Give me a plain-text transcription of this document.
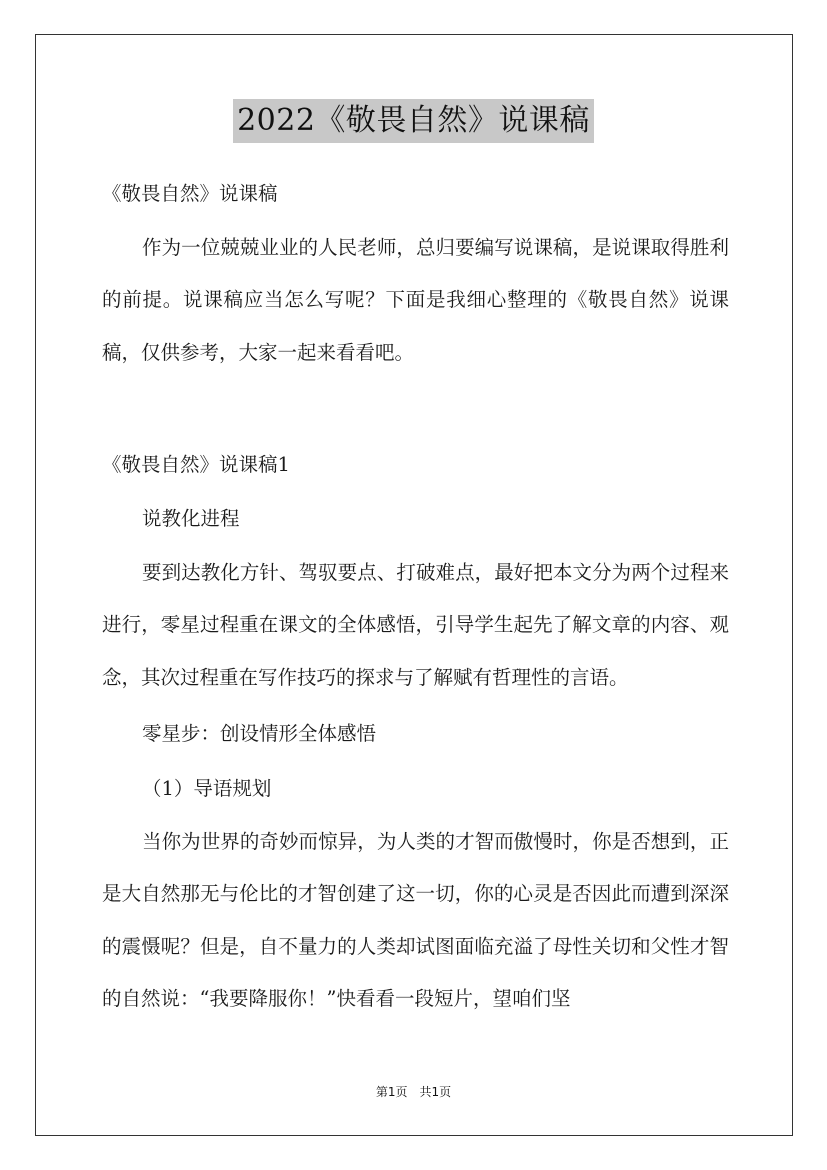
2022《敬畏自然》说课稿
《敬畏自然》说课稿
作为一位兢兢业业的人民老师，总归要编写说课稿，是说课取得胜利的前提。说课稿应当怎么写呢？下面是我细心整理的《敬畏自然》说课稿，仅供参考，大家一起来看看吧。
《敬畏自然》说课稿1
说教化进程
要到达教化方针、驾驭要点、打破难点，最好把本文分为两个过程来进行，零星过程重在课文的全体感悟，引导学生起先了解文章的内容、观念，其次过程重在写作技巧的探求与了解赋有哲理性的言语。
零星步：创设情形全体感悟
（1）导语规划
当你为世界的奇妙而惊异，为人类的才智而傲慢时，你是否想到，正是大自然那无与伦比的才智创建了这一切，你的心灵是否因此而遭到深深的震慑呢？但是，自不量力的人类却试图面临充溢了母性关切和父性才智的自然说：“我要降服你！”快看看一段短片，望咱们坚
第1页　共1页
